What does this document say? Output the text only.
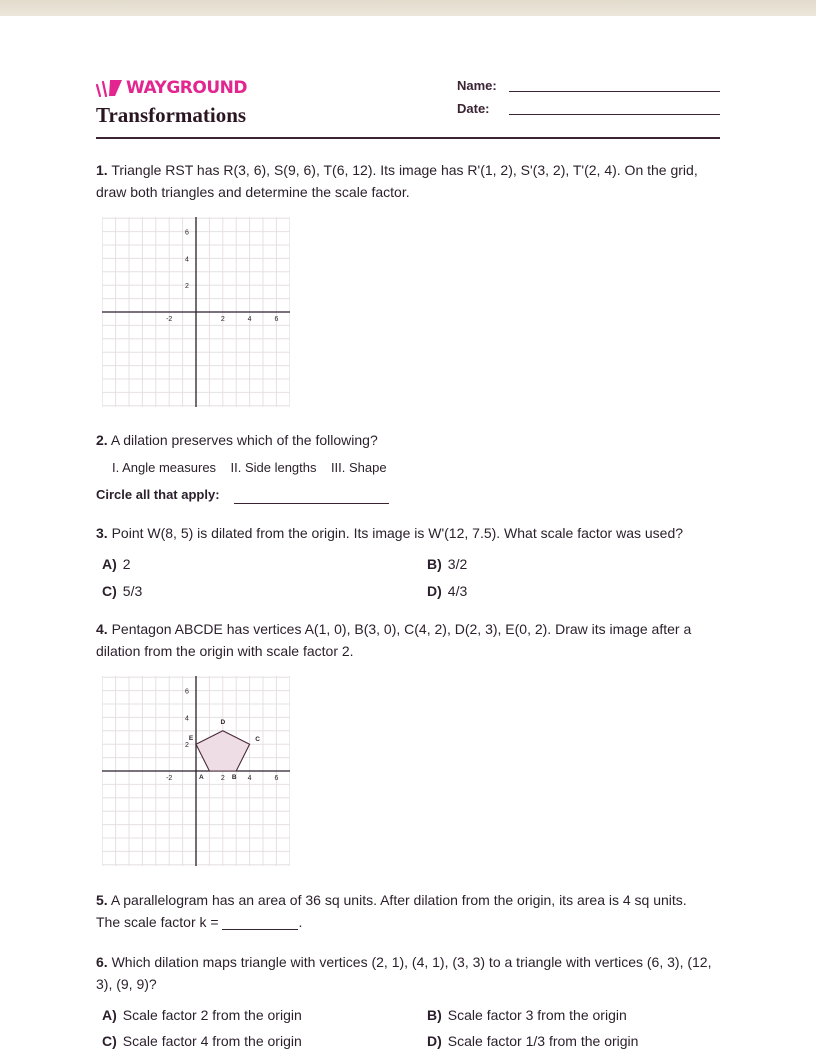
WAYGROUND
Transformations
Name:
Date:
1. Triangle RST has R(3, 6), S(9, 6), T(6, 12). Its image has R'(1, 2), S'(3, 2), T'(2, 4). On the grid, draw both triangles and determine the scale factor.
-2	2	4	6
6
4
2
2. A dilation preserves which of the following?
I. Angle measures    II. Side lengths    III. Shape
Circle all that apply:
3. Point W(8, 5) is dilated from the origin. Its image is W'(12, 7.5). What scale factor was used?
A) 2	B) 3/2
C) 5/3	D) 4/3
4. Pentagon ABCDE has vertices A(1, 0), B(3, 0), C(4, 2), D(2, 3), E(0, 2). Draw its image after a dilation from the origin with scale factor 2.
-2	2	4	6
6
4
2
A	B
C
D
E
5. A parallelogram has an area of 36 sq units. After dilation from the origin, its area is 4 sq units.
The scale factor k =	.
6. Which dilation maps triangle with vertices (2, 1), (4, 1), (3, 3) to a triangle with vertices (6, 3), (12, 3), (9, 9)?
A) Scale factor 2 from the origin	B) Scale factor 3 from the origin
C) Scale factor 4 from the origin	D) Scale factor 1/3 from the origin
